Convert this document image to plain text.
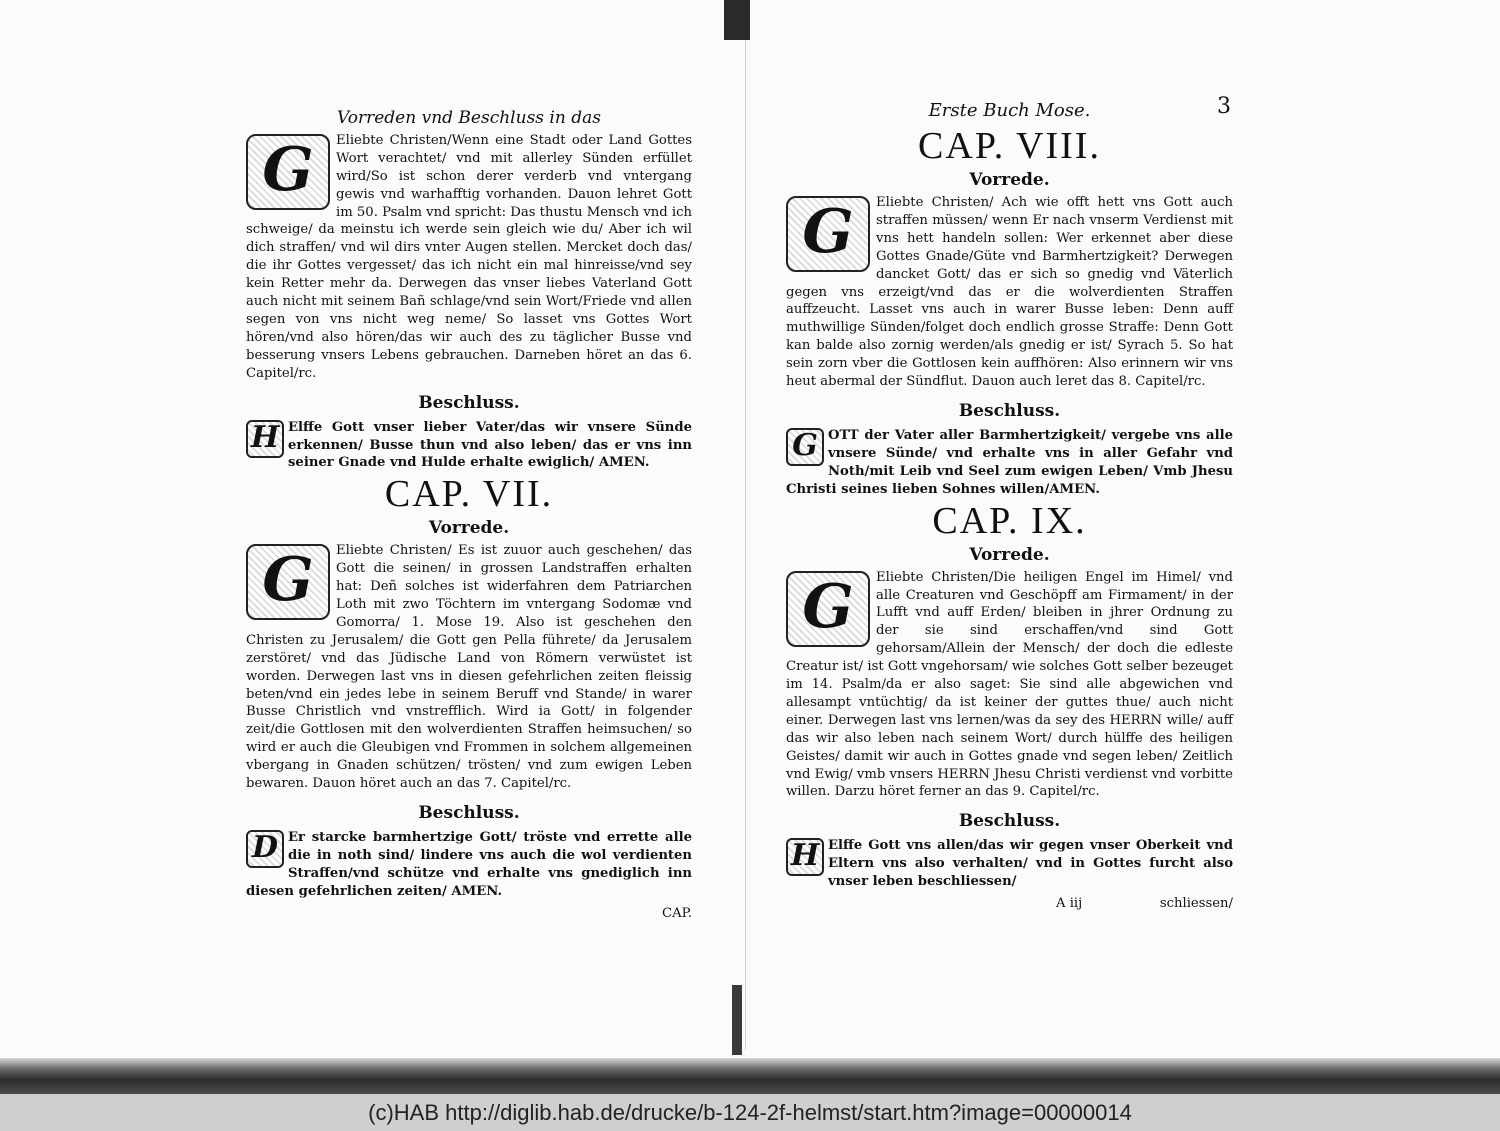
Vorreden vnd Beschluss in das
G	Eliebte Christen/Wenn eine Stadt oder Land Gottes Wort verachtet/ vnd mit allerley Sünden erfüllet wird/So ist schon derer verderb vnd vntergang gewis vnd warhafftig vorhanden. Dauon lehret Gott im 50. Psalm vnd spricht: Das thustu Mensch vnd ich schweige/ da meinstu ich werde sein gleich wie du/ Aber ich wil dich straffen/ vnd wil dirs vnter Augen stellen. Mercket doch das/ die ihr Gottes vergesset/ das ich nicht ein mal hinreisse/vnd sey kein Retter mehr da. Derwegen das vnser liebes Vaterland Gott auch nicht mit seinem Bañ schlage/vnd sein Wort/Friede vnd allen segen von vns nicht weg neme/ So lasset vns Gottes Wort hören/vnd also hören/das wir auch des zu täglicher Busse vnd besserung vnsers Lebens gebrauchen. Darneben höret an das 6. Capitel/rc.

Beschluss.
H Elffe Gott vnser lieber Vater/das wir vnsere Sünde erkennen/ Busse thun vnd also leben/ das er vns inn seiner Gnade vnd Hulde erhalte ewiglich/ AMEN.

CAP. VII.
Vorrede.
G	Eliebte Christen/ Es ist zuuor auch geschehen/ das Gott die seinen/ in grossen Landstraffen erhalten hat: Deñ solches ist widerfahren dem Patriarchen Loth mit zwo Töchtern im vntergang Sodomæ vnd Gomorra/ 1. Mose 19. Also ist geschehen den Christen zu Jerusalem/ die Gott gen Pella führete/ da Jerusalem zerstöret/ vnd das Jüdische Land von Römern verwüstet ist worden. Derwegen last vns in diesen gefehrlichen zeiten fleissig beten/vnd ein jedes lebe in seinem Beruff vnd Stande/ in warer Busse Christlich vnd vnstrefflich. Wird ia Gott/ in folgender zeit/die Gottlosen mit den wolverdienten Straffen heimsuchen/ so wird er auch die Gleubigen vnd Frommen in solchem allgemeinen vbergang in Gnaden schützen/ trösten/ vnd zum ewigen Leben bewaren. Dauon höret auch an das 7. Capitel/rc.

Beschluss.
D Er starcke barmhertzige Gott/ tröste vnd errette alle die in noth sind/ lindere vns auch die wol verdienten Straffen/vnd schütze vnd erhalte vns gnediglich inn diesen gefehrlichen zeiten/ AMEN.

CAP.
Erste Buch Mose.	3
CAP. VIII.
Vorrede.
G	Eliebte Christen/ Ach wie offt hett vns Gott auch straffen müssen/ wenn Er nach vnserm Verdienst mit vns hett handeln sollen: Wer erkennet aber diese Gottes Gnade/Güte vnd Barmhertzigkeit? Derwegen dancket Gott/ das er sich so gnedig vnd Väterlich gegen vns erzeigt/vnd das er die wolverdienten Straffen auffzeucht. Lasset vns auch in warer Busse leben: Denn auff muthwillige Sünden/folget doch endlich grosse Straffe: Denn Gott kan balde also zornig werden/als gnedig er ist/ Syrach 5. So hat sein zorn vber die Gottlosen kein auffhören: Also erinnern wir vns heut abermal der Sündflut. Dauon auch leret das 8. Capitel/rc.

Beschluss.
G OTT der Vater aller Barmhertzigkeit/ vergebe vns alle vnsere Sünde/ vnd erhalte vns in aller Gefahr vnd Noth/mit Leib vnd Seel zum ewigen Leben/ Vmb Jhesu Christi seines lieben Sohnes willen/AMEN.

CAP. IX.
Vorrede.
G	Eliebte Christen/Die heiligen Engel im Himel/ vnd alle Creaturen vnd Geschöpff am Firmament/ in der Lufft vnd auff Erden/ bleiben in jhrer Ordnung zu der sie sind erschaffen/vnd sind Gott gehorsam/Allein der Mensch/ der doch die edleste Creatur ist/ ist Gott vngehorsam/ wie solches Gott selber bezeuget im 14. Psalm/da er also saget: Sie sind alle abgewichen vnd allesampt vntüchtig/ da ist keiner der guttes thue/ auch nicht einer. Derwegen last vns lernen/was da sey des HERRN wille/ auff das wir also leben nach seinem Wort/ durch hülffe des heiligen Geistes/ damit wir auch in Gottes gnade vnd segen leben/ Zeitlich vnd Ewig/ vmb vnsers HERRN Jhesu Christi verdienst vnd vorbitte willen. Darzu höret ferner an das 9. Capitel/rc.

Beschluss.
H Elffe Gott vns allen/das wir gegen vnser Oberkeit vnd Eltern vns also verhalten/ vnd in Gottes furcht also vnser leben beschliessen/

A iij	schliessen/
(c)HAB http://diglib.hab.de/drucke/b-124-2f-helmst/start.htm?image=00000014
